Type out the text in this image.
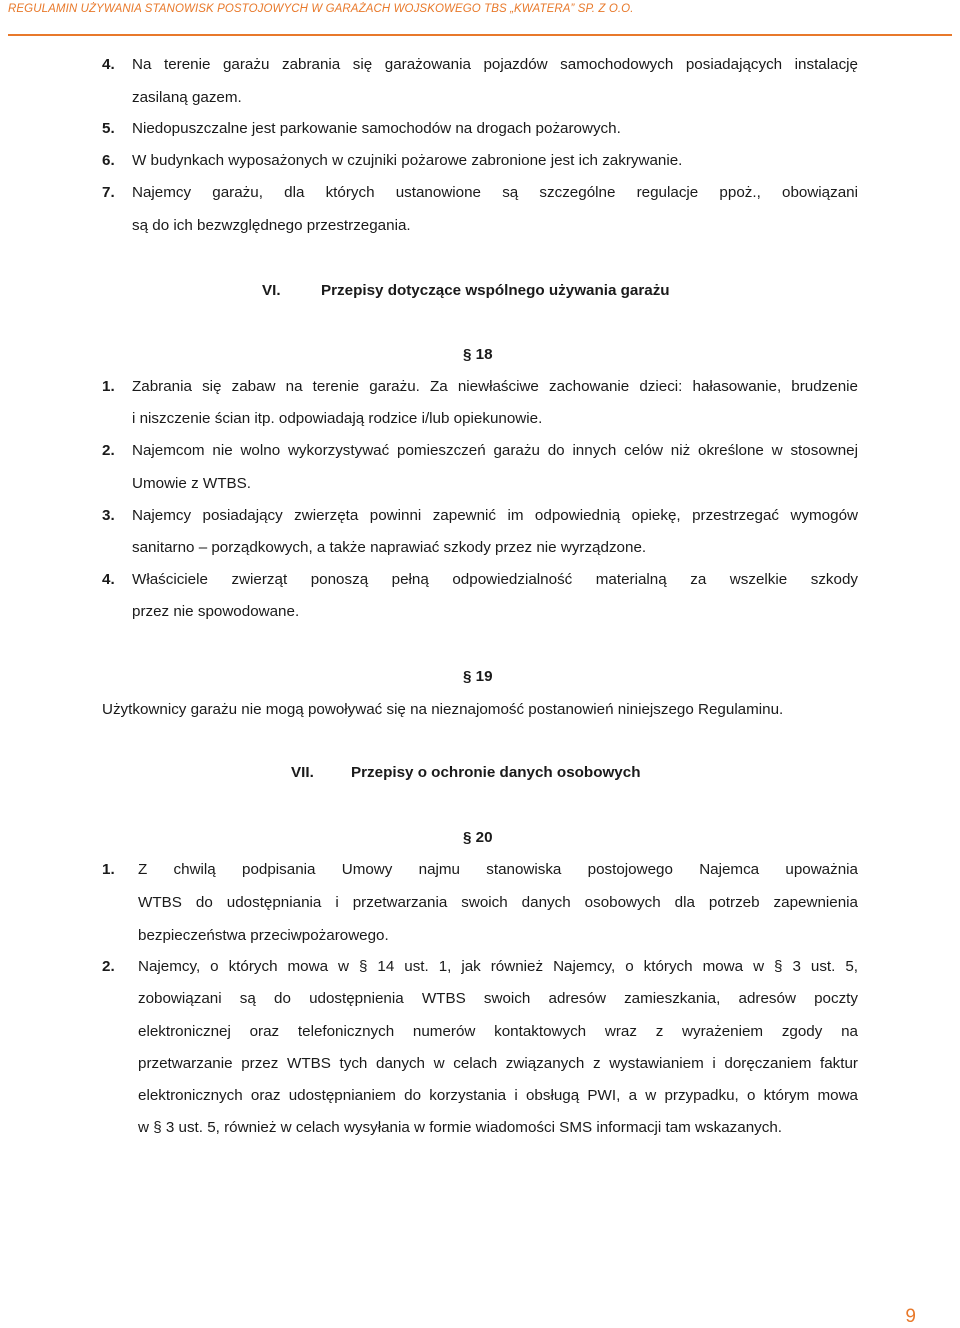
REGULAMIN UŻYWANIA STANOWISK POSTOJOWYCH W GARAŻACH WOJSKOWEGO TBS „KWATERA” SP. Z O.O.
4. Na terenie garażu zabrania się garażowania pojazdów samochodowych posiadających instalację
zasilaną gazem.
5. Niedopuszczalne jest parkowanie samochodów na drogach pożarowych.
6. W budynkach wyposażonych w czujniki pożarowe zabronione jest ich zakrywanie.
7. Najemcy garażu, dla których ustanowione są szczególne regulacje ppoż., obowiązani
są do ich bezwzględnego przestrzegania.
VI.	Przepisy dotyczące wspólnego używania garażu
§ 18
1. Zabrania się zabaw na terenie garażu. Za niewłaściwe zachowanie dzieci: hałasowanie, brudzenie
i niszczenie ścian itp. odpowiadają rodzice i/lub opiekunowie.
2. Najemcom nie wolno wykorzystywać pomieszczeń garażu do innych celów niż określone w stosownej
Umowie z WTBS.
3. Najemcy posiadający zwierzęta powinni zapewnić im odpowiednią opiekę, przestrzegać wymogów
sanitarno – porządkowych, a także naprawiać szkody przez nie wyrządzone.
4. Właściciele zwierząt ponoszą pełną odpowiedzialność materialną za wszelkie szkody
przez nie spowodowane.
§ 19
Użytkownicy garażu nie mogą powoływać się na nieznajomość postanowień niniejszego Regulaminu.
VII. Przepisy o ochronie danych osobowych
§ 20
1. Z chwilą podpisania Umowy najmu stanowiska postojowego Najemca upoważnia
WTBS do udostępniania i przetwarzania swoich danych osobowych dla potrzeb zapewnienia
bezpieczeństwa przeciwpożarowego.
2. Najemcy, o których mowa w § 14 ust. 1, jak również Najemcy, o których mowa w § 3 ust. 5,
zobowiązani są do udostępnienia WTBS swoich adresów zamieszkania, adresów poczty
elektronicznej oraz telefonicznych numerów kontaktowych wraz z wyrażeniem zgody na
przetwarzanie przez WTBS tych danych w celach związanych z wystawianiem i doręczaniem faktur
elektronicznych oraz udostępnianiem do korzystania i obsługą PWI, a w przypadku, o którym mowa
w § 3 ust. 5, również w celach wysyłania w formie wiadomości SMS informacji tam wskazanych.
9
